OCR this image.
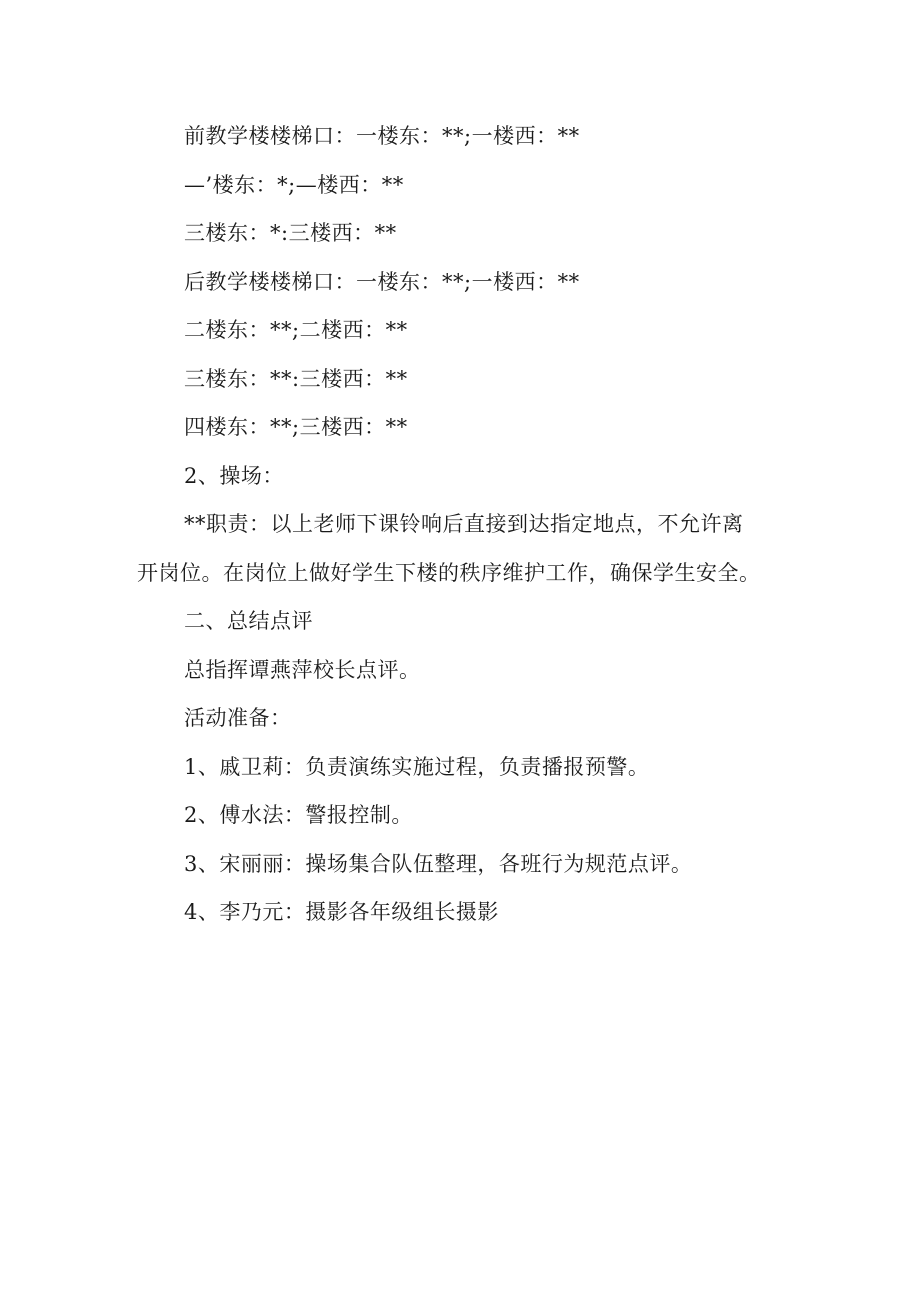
前教学楼楼梯口：一楼东：**;一楼西：**
—’楼东：*;—楼西：**
三楼东：*:三楼西：**
后教学楼楼梯口：一楼东：**;一楼西：**
二楼东：**;二楼西：**
三楼东：**:三楼西：**
四楼东：**;三楼西：**
2、操场：
**职责：以上老师下课铃响后直接到达指定地点，不允许离
开岗位。在岗位上做好学生下楼的秩序维护工作，确保学生安全。
二、总结点评
总指挥谭燕萍校长点评。
活动准备：
1、戚卫莉：负责演练实施过程，负责播报预警。
2、傅水法：警报控制。
3、宋丽丽：操场集合队伍整理，各班行为规范点评。
4、李乃元：摄影各年级组长摄影
